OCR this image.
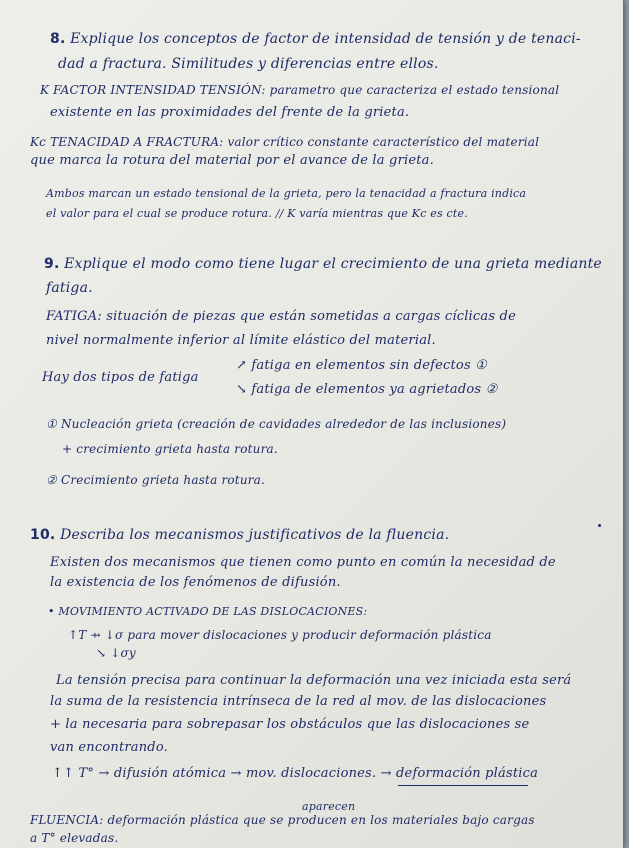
8. Explique los conceptos de factor de intensidad de tensión y de tenaci-
dad a fractura. Similitudes y diferencias entre ellos.
K FACTOR INTENSIDAD TENSIÓN: parametro que caracteriza el estado tensional
existente en las proximidades del frente de la grieta.
Kc TENACIDAD A FRACTURA: valor crítico constante característico del material
que marca la rotura del material por el avance de la grieta.
Ambos marcan un estado tensional de la grieta, pero la tenacidad a fractura indica
el valor para el cual se produce rotura. // K varía mientras que Kc es cte.
9. Explique el modo como tiene lugar el crecimiento de una grieta mediante
fatiga.
FATIGA: situación de piezas que están sometidas a cargas cíclicas de
nivel normalmente inferior al límite elástico del material.
Hay dos tipos de fatiga
↗ fatiga en elementos sin defectos ①
↘ fatiga de elementos ya agrietados ②
① Nucleación grieta (creación de cavidades alrededor de las inclusiones)
+ crecimiento grieta hasta rotura.
② Crecimiento grieta hasta rotura.
10. Describa los mecanismos justificativos de la fluencia.
Existen dos mecanismos que tienen como punto en común la necesidad de
la existencia de los fenómenos de difusión.
• MOVIMIENTO ACTIVADO DE LAS DISLOCACIONES:
↑T ⇸ ↓σ para mover dislocaciones y producir deformación plástica
↘ ↓σy
La tensión precisa para continuar la deformación una vez iniciada esta será
la suma de la resistencia intrínseca de la red al mov. de las dislocaciones
+ la necesaria para sobrepasar los obstáculos que las dislocaciones se
van encontrando.
↑↑ T° → difusión atómica → mov. dislocaciones. → deformación plástica
aparecen
FLUENCIA: deformación plástica que se producen en los materiales bajo cargas
a T° elevadas.
